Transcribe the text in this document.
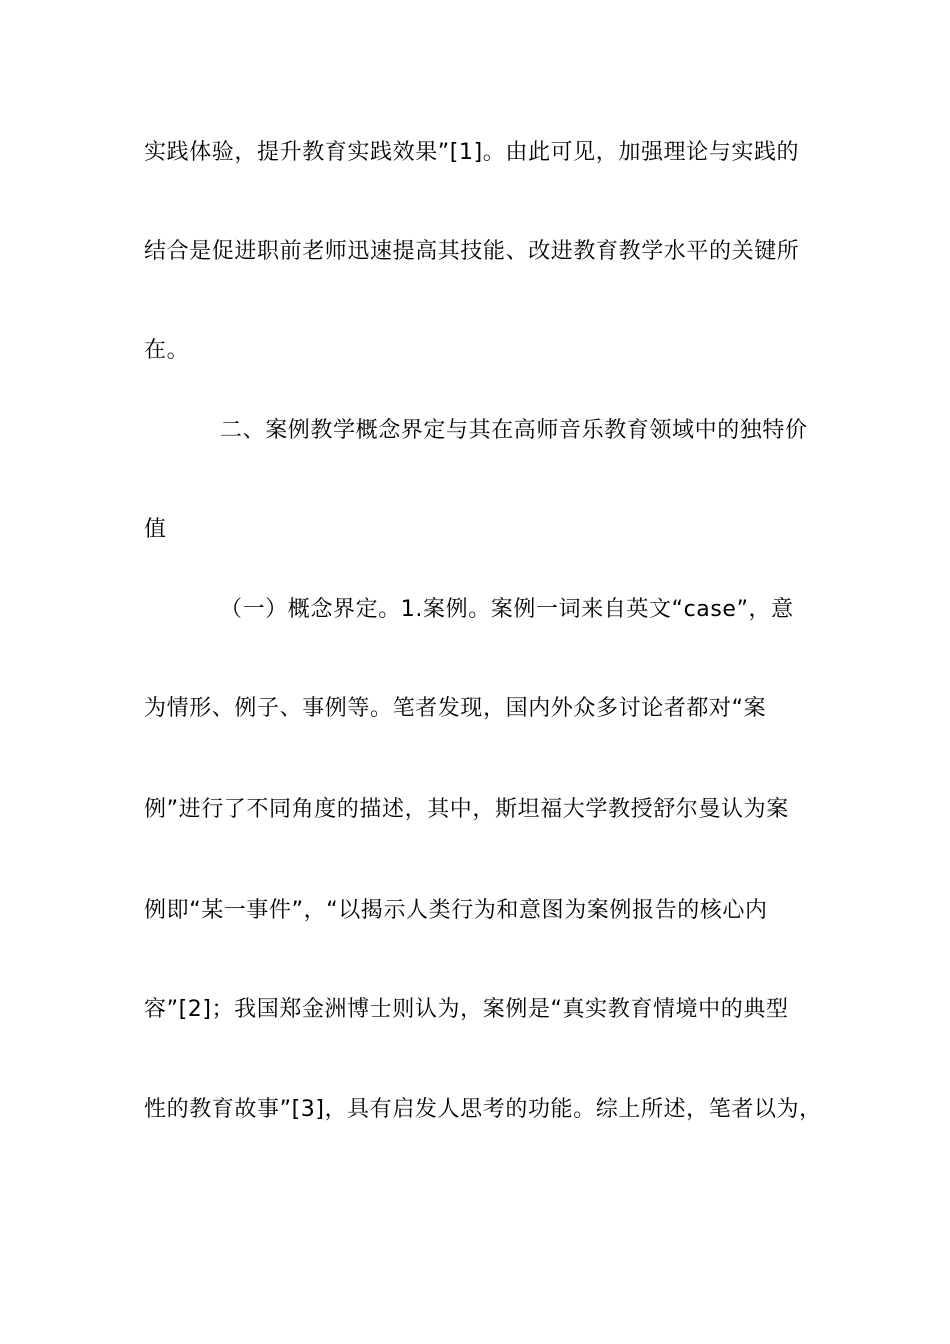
实践体验，提升教育实践效果”[1]。由此可见，加强理论与实践的
结合是促进职前老师迅速提高其技能、改进教育教学水平的关键所
在。
二、案例教学概念界定与其在高师音乐教育领域中的独特价
值
（一）概念界定。1.案例。案例一词来自英文“case”，意
为情形、例子、事例等。笔者发现，国内外众多讨论者都对“案
例”进行了不同角度的描述，其中，斯坦福大学教授舒尔曼认为案
例即“某一事件”，“以揭示人类行为和意图为案例报告的核心内
容”[2]；我国郑金洲博士则认为，案例是“真实教育情境中的典型
性的教育故事”[3]，具有启发人思考的功能。综上所述，笔者以为，
